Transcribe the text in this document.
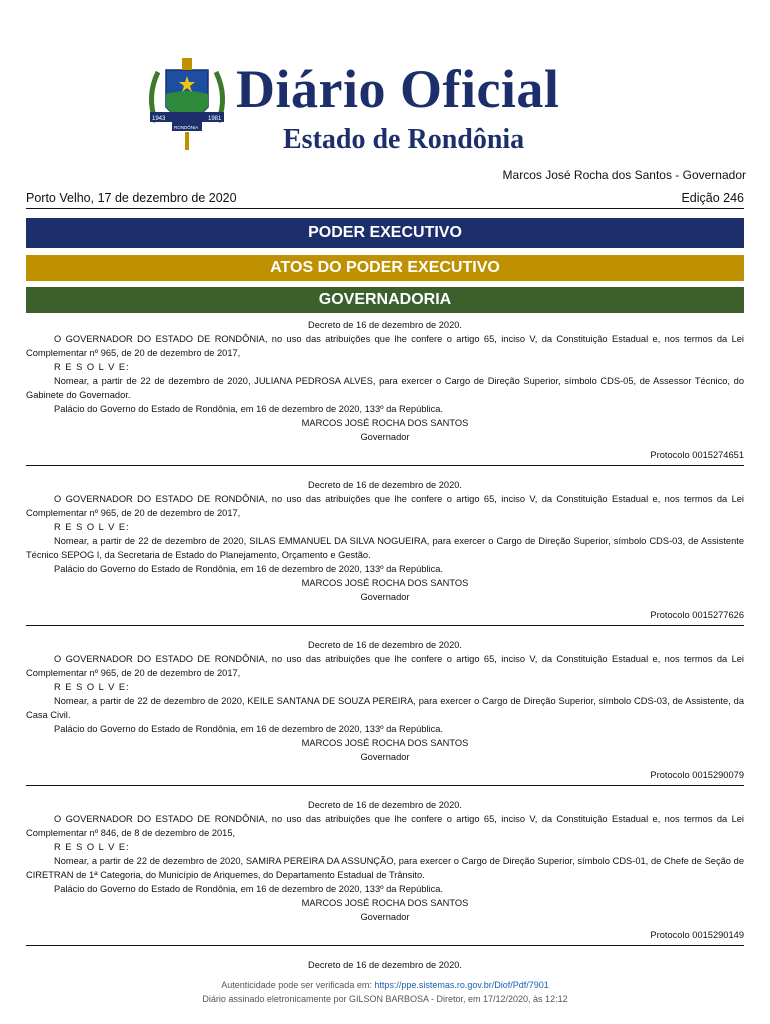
1943	1981
RONDÔNIA
Diário Oficial
Estado de Rondônia
Marcos José Rocha dos Santos - Governador
Porto Velho, 17 de dezembro de 2020	Edição 246
PODER EXECUTIVO
ATOS DO PODER EXECUTIVO
GOVERNADORIA

Decreto de 16 de dezembro de 2020.

O GOVERNADOR DO ESTADO DE RONDÔNIA, no uso das atribuições que lhe confere o artigo 65, inciso V, da Constituição Estadual e, nos termos da Lei Complementar nº 965, de 20 de dezembro de 2017,

R E S O L V E:

Nomear, a partir de 22 de dezembro de 2020, JULIANA PEDROSA ALVES, para exercer o Cargo de Direção Superior, símbolo CDS-05, de Assessor Técnico, do Gabinete do Governador.

Palácio do Governo do Estado de Rondônia, em 16 de dezembro de 2020, 133º da República.

MARCOS JOSÉ ROCHA DOS SANTOS

Governador

Protocolo 0015274651

Decreto de 16 de dezembro de 2020.

O GOVERNADOR DO ESTADO DE RONDÔNIA, no uso das atribuições que lhe confere o artigo 65, inciso V, da Constituição Estadual e, nos termos da Lei Complementar nº 965, de 20 de dezembro de 2017,

R E S O L V E:

Nomear, a partir de 22 de dezembro de 2020, SILAS EMMANUEL DA SILVA NOGUEIRA, para exercer o Cargo de Direção Superior, símbolo CDS-03, de Assistente Técnico SEPOG I, da Secretaria de Estado do Planejamento, Orçamento e Gestão.

Palácio do Governo do Estado de Rondônia, em 16 de dezembro de 2020, 133º da República.

MARCOS JOSÉ ROCHA DOS SANTOS

Governador

Protocolo 0015277626

Decreto de 16 de dezembro de 2020.

O GOVERNADOR DO ESTADO DE RONDÔNIA, no uso das atribuições que lhe confere o artigo 65, inciso V, da Constituição Estadual e, nos termos da Lei Complementar nº 965, de 20 de dezembro de 2017,

R E S O L V E:

Nomear, a partir de 22 de dezembro de 2020, KEILE SANTANA DE SOUZA PEREIRA, para exercer o Cargo de Direção Superior, símbolo CDS-03, de Assistente, da Casa Civil.

Palácio do Governo do Estado de Rondônia, em 16 de dezembro de 2020, 133º da República.

MARCOS JOSÉ ROCHA DOS SANTOS

Governador

Protocolo 0015290079

Decreto de 16 de dezembro de 2020.

O GOVERNADOR DO ESTADO DE RONDÔNIA, no uso das atribuições que lhe confere o artigo 65, inciso V, da Constituição Estadual e, nos termos da Lei Complementar nº 846, de 8 de dezembro de 2015,

R E S O L V E:

Nomear, a partir de 22 de dezembro de 2020, SAMIRA PEREIRA DA ASSUNÇÃO, para exercer o Cargo de Direção Superior, símbolo CDS-01, de Chefe de Seção de CIRETRAN de 1ª Categoria, do Município de Ariquemes, do Departamento Estadual de Trânsito.

Palácio do Governo do Estado de Rondônia, em 16 de dezembro de 2020, 133º da República.

MARCOS JOSÉ ROCHA DOS SANTOS

Governador

Protocolo 0015290149

Decreto de 16 de dezembro de 2020.

Autenticidade pode ser verificada em: https://ppe.sistemas.ro.gov.br/Diof/Pdf/7901
Diário assinado eletronicamente por GILSON BARBOSA - Diretor, em 17/12/2020, às 12:12
